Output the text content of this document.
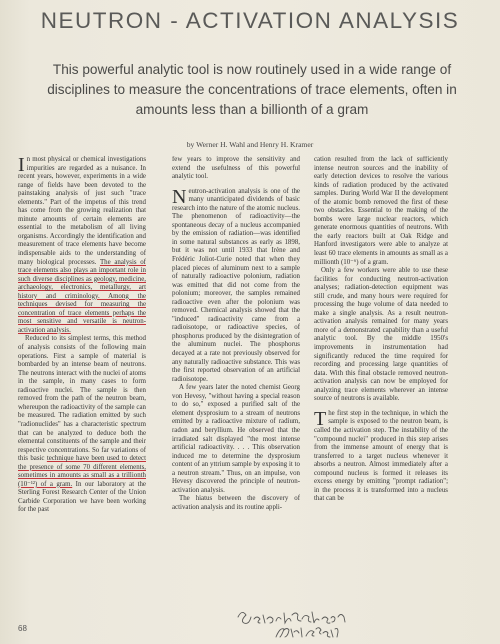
NEUTRON - ACTIVATION ANALYSIS
This powerful analytic tool is now routinely used in a wide range of disciplines to measure the concentrations of trace elements, often in amounts less than a billionth of a gram
by Werner H. Wahl and Henry H. Kramer

In most physical or chemical investigations impurities are regarded as a nuisance. In recent years, however, experiments in a wide range of fields have been devoted to the painstaking analysis of just such "trace elements." Part of the impetus of this trend has come from the growing realization that minute amounts of certain elements are essential to the metabolism of all living organisms. Accordingly the identification and measurement of trace elements have become indispensable aids to the understanding of many biological processes. The analysis of trace elements also plays an important role in such diverse disciplines as geology, medicine, archaeology, electronics, metallurgy, art history and criminology. Among the techniques devised for measuring the concentration of trace elements perhaps the most sensitive and versatile is neutron-activation analysis.

Reduced to its simplest terms, this method of analysis consists of the following main operations. First a sample of material is bombarded by an intense beam of neutrons. The neutrons interact with the nuclei of atoms in the sample, in many cases to form radioactive nuclei. The sample is then removed from the path of the neutron beam, whereupon the radioactivity of the sample can be measured. The radiation emitted by such "radionuclides" has a characteristic spectrum that can be analyzed to deduce both the elemental constituents of the sample and their respective concentrations. So far variations of this basic technique have been used to detect the presence of some 70 different elements, sometimes in amounts as small as a trillionth (10⁻¹²) of a gram. In our laboratory at the Sterling Forest Research Center of the Union Carbide Corporation we have been working for the past

few years to improve the sensitivity and extend the usefulness of this powerful analytic tool.

Neutron-activation analysis is one of the many unanticipated dividends of basic research into the nature of the atomic nucleus. The phenomenon of radioactivity—the spontaneous decay of a nucleus accompanied by the emission of radiation—was identified in some natural substances as early as 1898, but it was not until 1933 that Irène and Frédéric Joliot-Curie noted that when they placed pieces of aluminum next to a sample of naturally radioactive polonium, radiation was emitted that did not come from the polonium; moreover, the samples remained radioactive even after the polonium was removed. Chemical analysis showed that the "induced" radioactivity came from a radioisotope, or radioactive species, of phosphorus produced by the disintegration of the aluminum nuclei. The phosphorus decayed at a rate not previously observed for any naturally radioactive substance. This was the first reported observation of an artificial radioisotope.

A few years later the noted chemist Georg von Hevesy, "without having a special reason to do so," exposed a purified salt of the element dysprosium to a stream of neutrons emitted by a radioactive mixture of radium, radon and beryllium. He observed that the irradiated salt displayed "the most intense artificial radioactivity. . . . This observation induced me to determine the dysprosium content of an yttrium sample by exposing it to a neutron stream." Thus, on an impulse, von Hevesy discovered the principle of neutron-activation analysis.

The hiatus between the discovery of activation analysis and its routine appli-

cation resulted from the lack of sufficiently intense neutron sources and the inability of early detection devices to resolve the various kinds of radiation produced by the activated samples. During World War II the development of the atomic bomb removed the first of these two obstacles. Essential to the making of the bombs were large nuclear reactors, which generate enormous quantities of neutrons. With the early reactors built at Oak Ridge and Hanford investigators were able to analyze at least 60 trace elements in amounts as small as a millionth (10⁻⁶) of a gram.

Only a few workers were able to use these facilities for conducting neutron-activation analyses; radiation-detection equipment was still crude, and many hours were required for processing the huge volume of data needed to make a single analysis. As a result neutron-activation analysis remained for many years more of a demonstrated capability than a useful analytic tool. By the middle 1950's improvements in instrumentation had significantly reduced the time required for recording and processing large quantities of data. With this final obstacle removed neutron-activation analysis can now be employed for analyzing trace elements wherever an intense source of neutrons is available.

The first step in the technique, in which the sample is exposed to the neutron beam, is called the activation step. The instability of the "compound nuclei" produced in this step arises from the immense amount of energy that is transferred to a target nucleus whenever it absorbs a neutron. Almost immediately after a compound nucleus is formed it releases its excess energy by emitting "prompt radiation"; in the process it is transformed into a nucleus that can be

68
